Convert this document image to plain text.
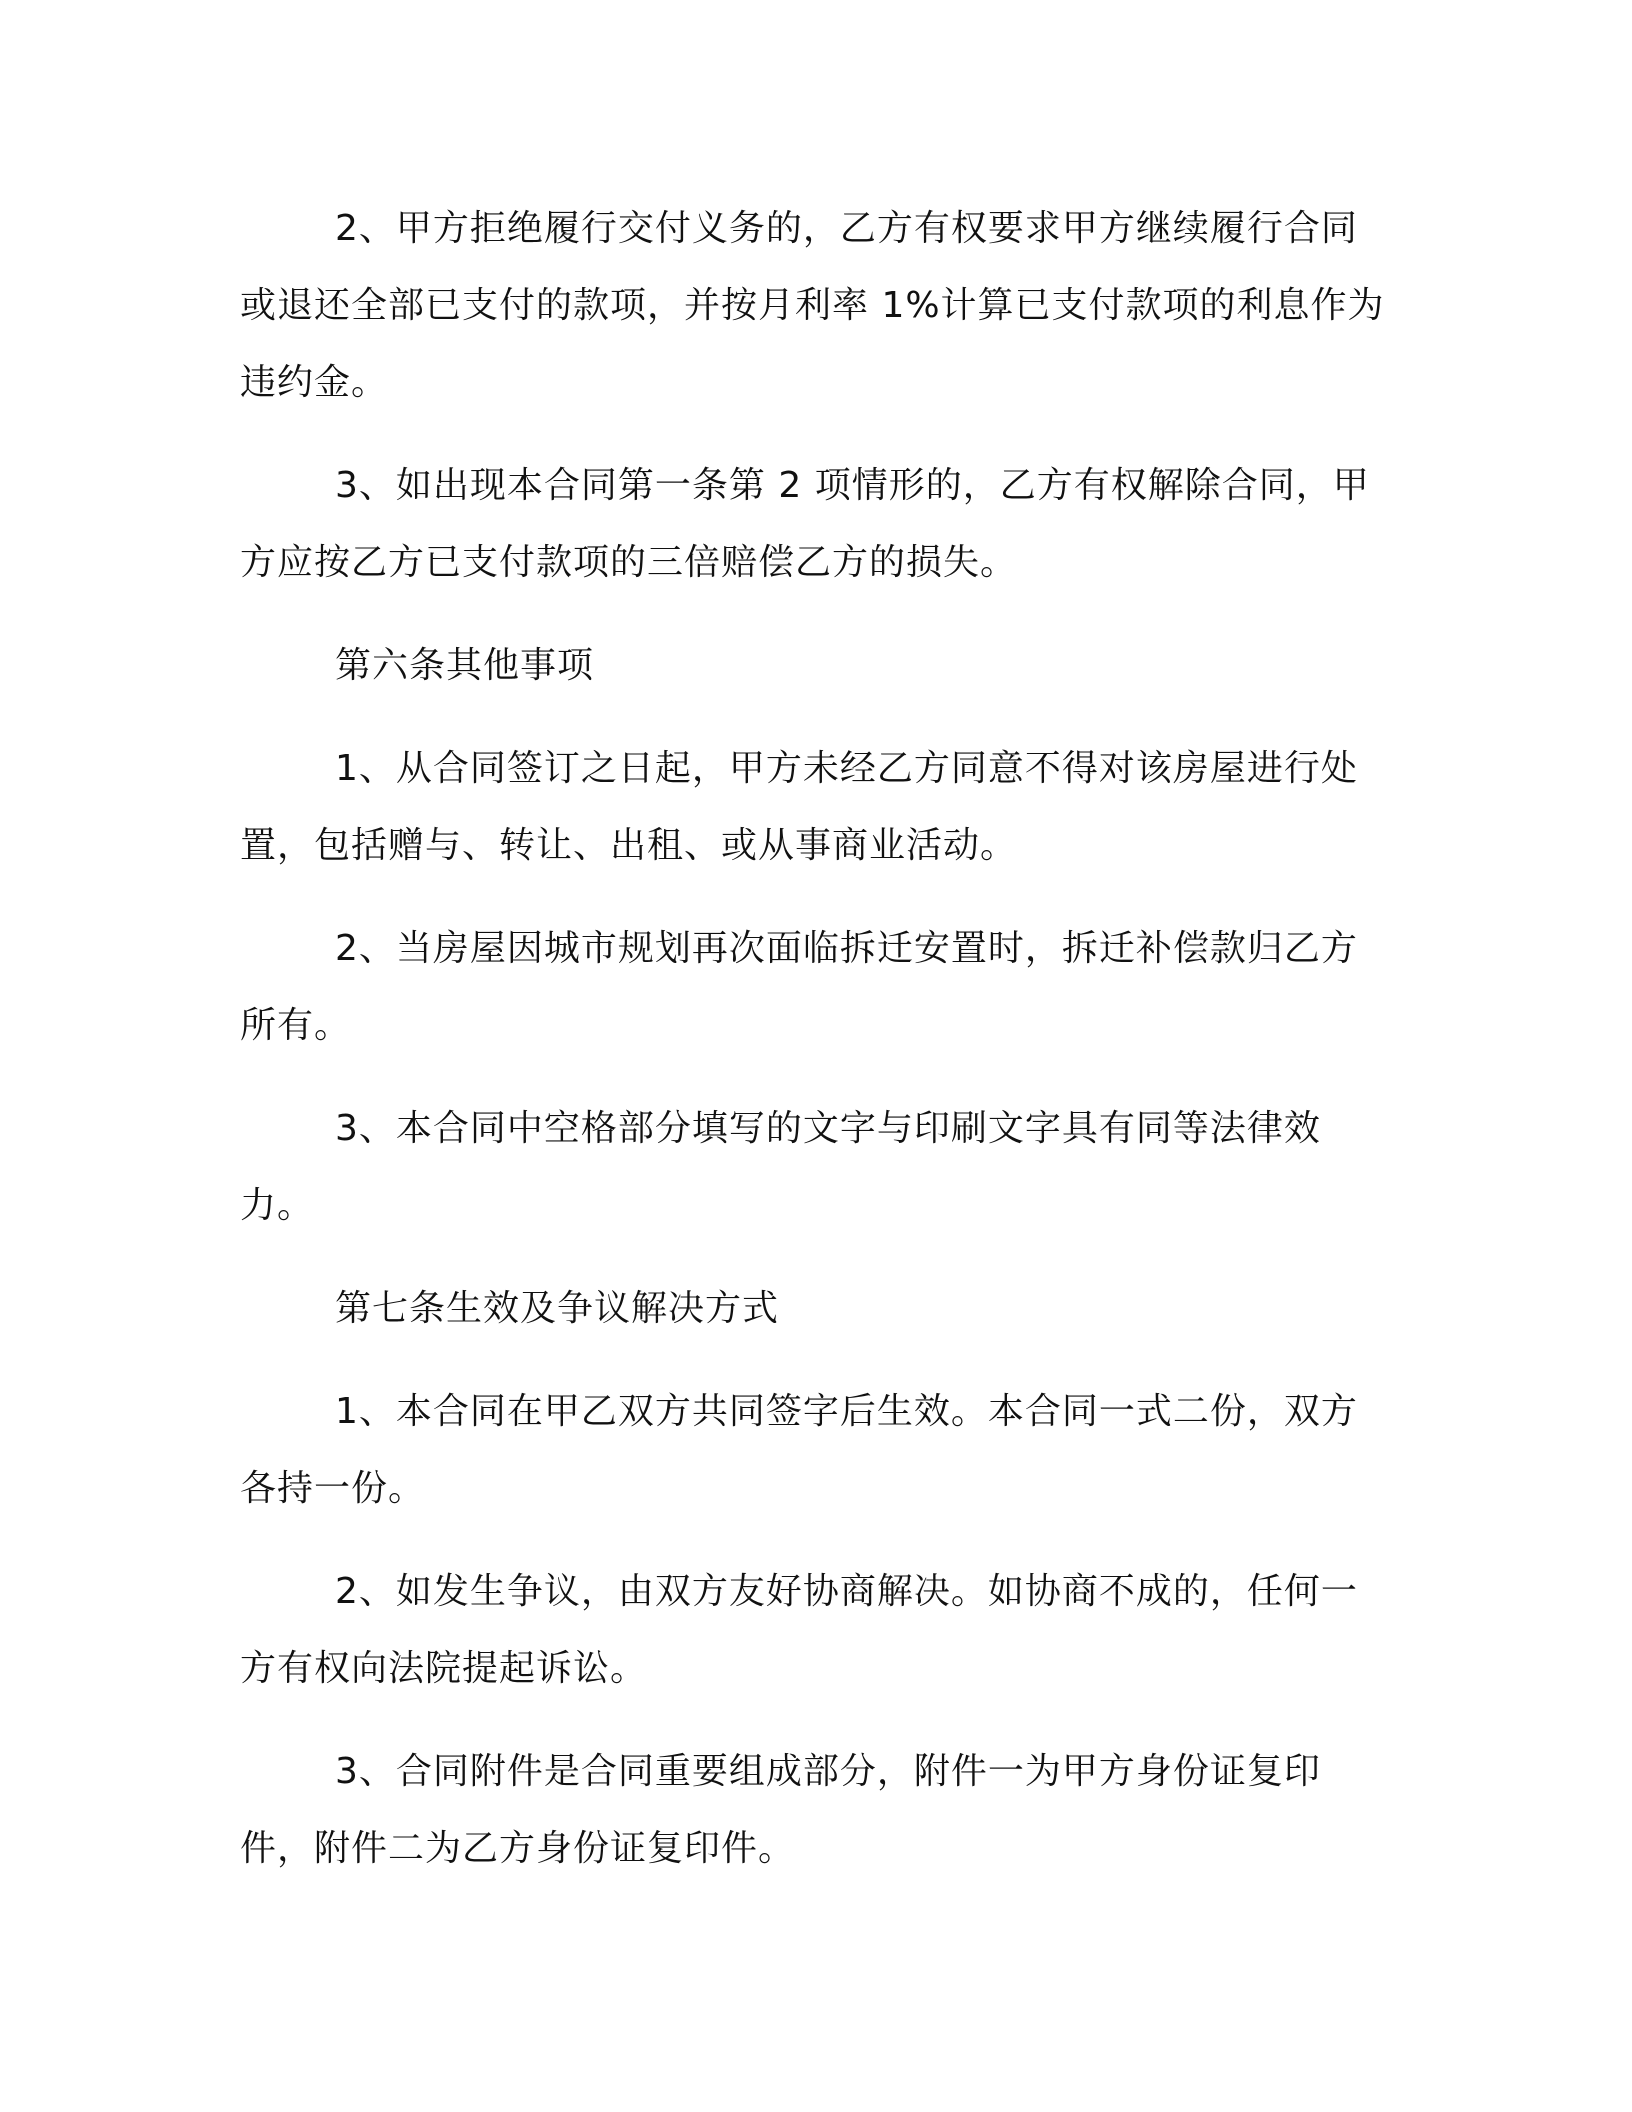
2、甲方拒绝履行交付义务的，乙方有权要求甲方继续履行合同或退还全部已支付的款项，并按月利率 1%计算已支付款项的利息作为违约金。

3、如出现本合同第一条第 2 项情形的，乙方有权解除合同，甲方应按乙方已支付款项的三倍赔偿乙方的损失。

第六条其他事项

1、从合同签订之日起，甲方未经乙方同意不得对该房屋进行处置，包括赠与、转让、出租、或从事商业活动。

2、当房屋因城市规划再次面临拆迁安置时，拆迁补偿款归乙方所有。

3、本合同中空格部分填写的文字与印刷文字具有同等法律效力。

第七条生效及争议解决方式

1、本合同在甲乙双方共同签字后生效。本合同一式二份，双方各持一份。

2、如发生争议，由双方友好协商解决。如协商不成的，任何一方有权向法院提起诉讼。

3、合同附件是合同重要组成部分，附件一为甲方身份证复印件，附件二为乙方身份证复印件。
